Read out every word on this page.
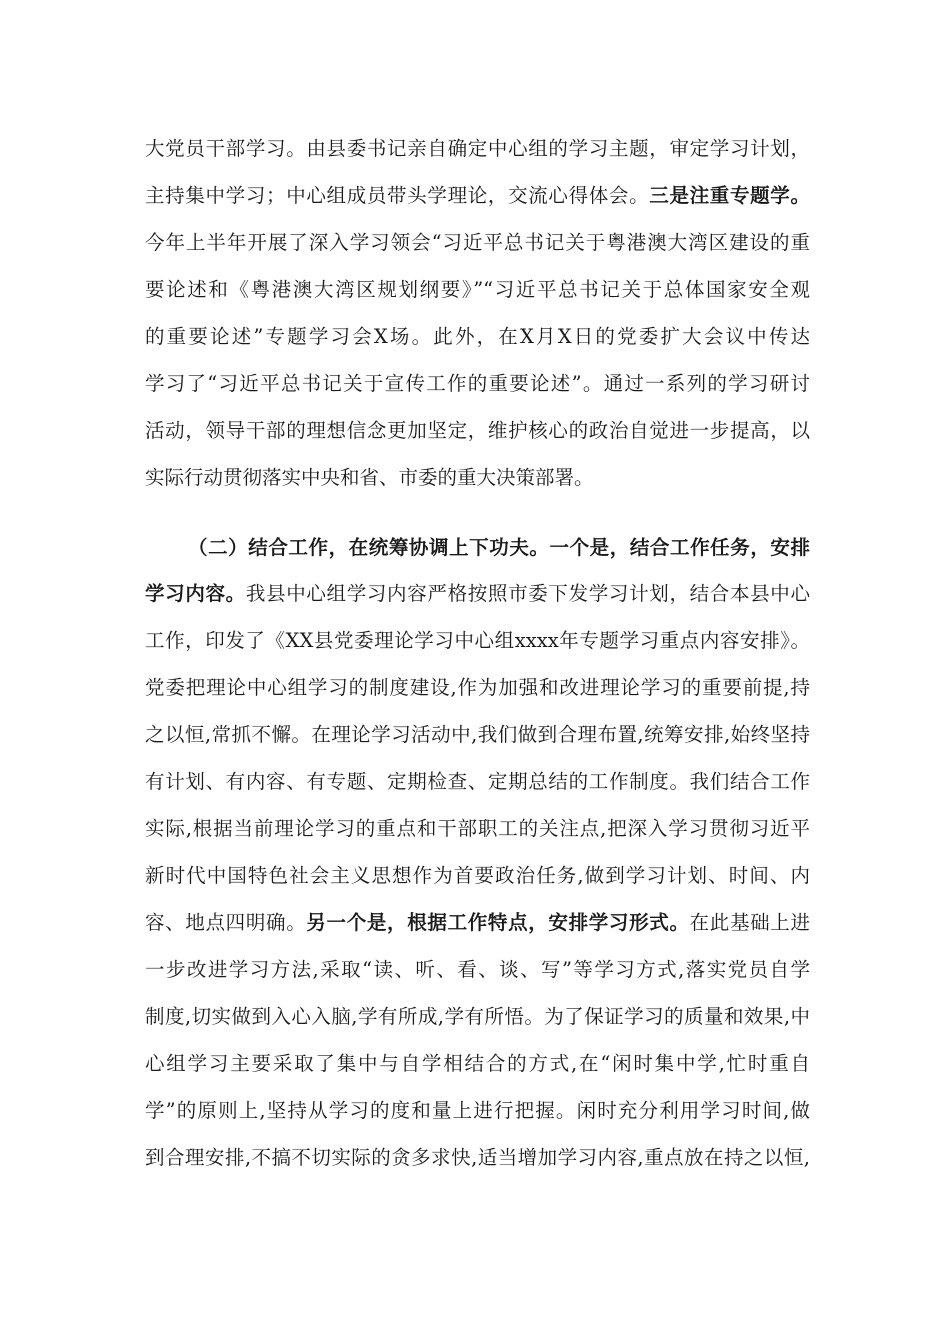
大党员干部学习。由县委书记亲自确定中心组的学习主题，审定学习计划，
主持集中学习；中心组成员带头学理论，交流心得体会。三是注重专题学。
今年上半年开展了深入学习领会“习近平总书记关于粤港澳大湾区建设的重
要论述和《粤港澳大湾区规划纲要》”“习近平总书记关于总体国家安全观
的重要论述”专题学习会X场。此外，在X月X日的党委扩大会议中传达
学习了“习近平总书记关于宣传工作的重要论述”。通过一系列的学习研讨
活动，领导干部的理想信念更加坚定，维护核心的政治自觉进一步提高，以
实际行动贯彻落实中央和省、市委的重大决策部署。
（二）结合工作，在统筹协调上下功夫。一个是，结合工作任务，安排
学习内容。我县中心组学习内容严格按照市委下发学习计划，结合本县中心
工作，印发了《XX县党委理论学习中心组xxxx年专题学习重点内容安排》。
党委把理论中心组学习的制度建设,作为加强和改进理论学习的重要前提,持
之以恒,常抓不懈。在理论学习活动中,我们做到合理布置,统筹安排,始终坚持
有计划、有内容、有专题、定期检查、定期总结的工作制度。我们结合工作
实际,根据当前理论学习的重点和干部职工的关注点,把深入学习贯彻习近平
新时代中国特色社会主义思想作为首要政治任务,做到学习计划、时间、内
容、地点四明确。另一个是，根据工作特点，安排学习形式。在此基础上进
一步改进学习方法,采取“读、听、看、谈、写”等学习方式,落实党员自学
制度,切实做到入心入脑,学有所成,学有所悟。为了保证学习的质量和效果,中
心组学习主要采取了集中与自学相结合的方式,在“闲时集中学,忙时重自
学”的原则上,坚持从学习的度和量上进行把握。闲时充分利用学习时间,做
到合理安排,不搞不切实际的贪多求快,适当增加学习内容,重点放在持之以恒,
